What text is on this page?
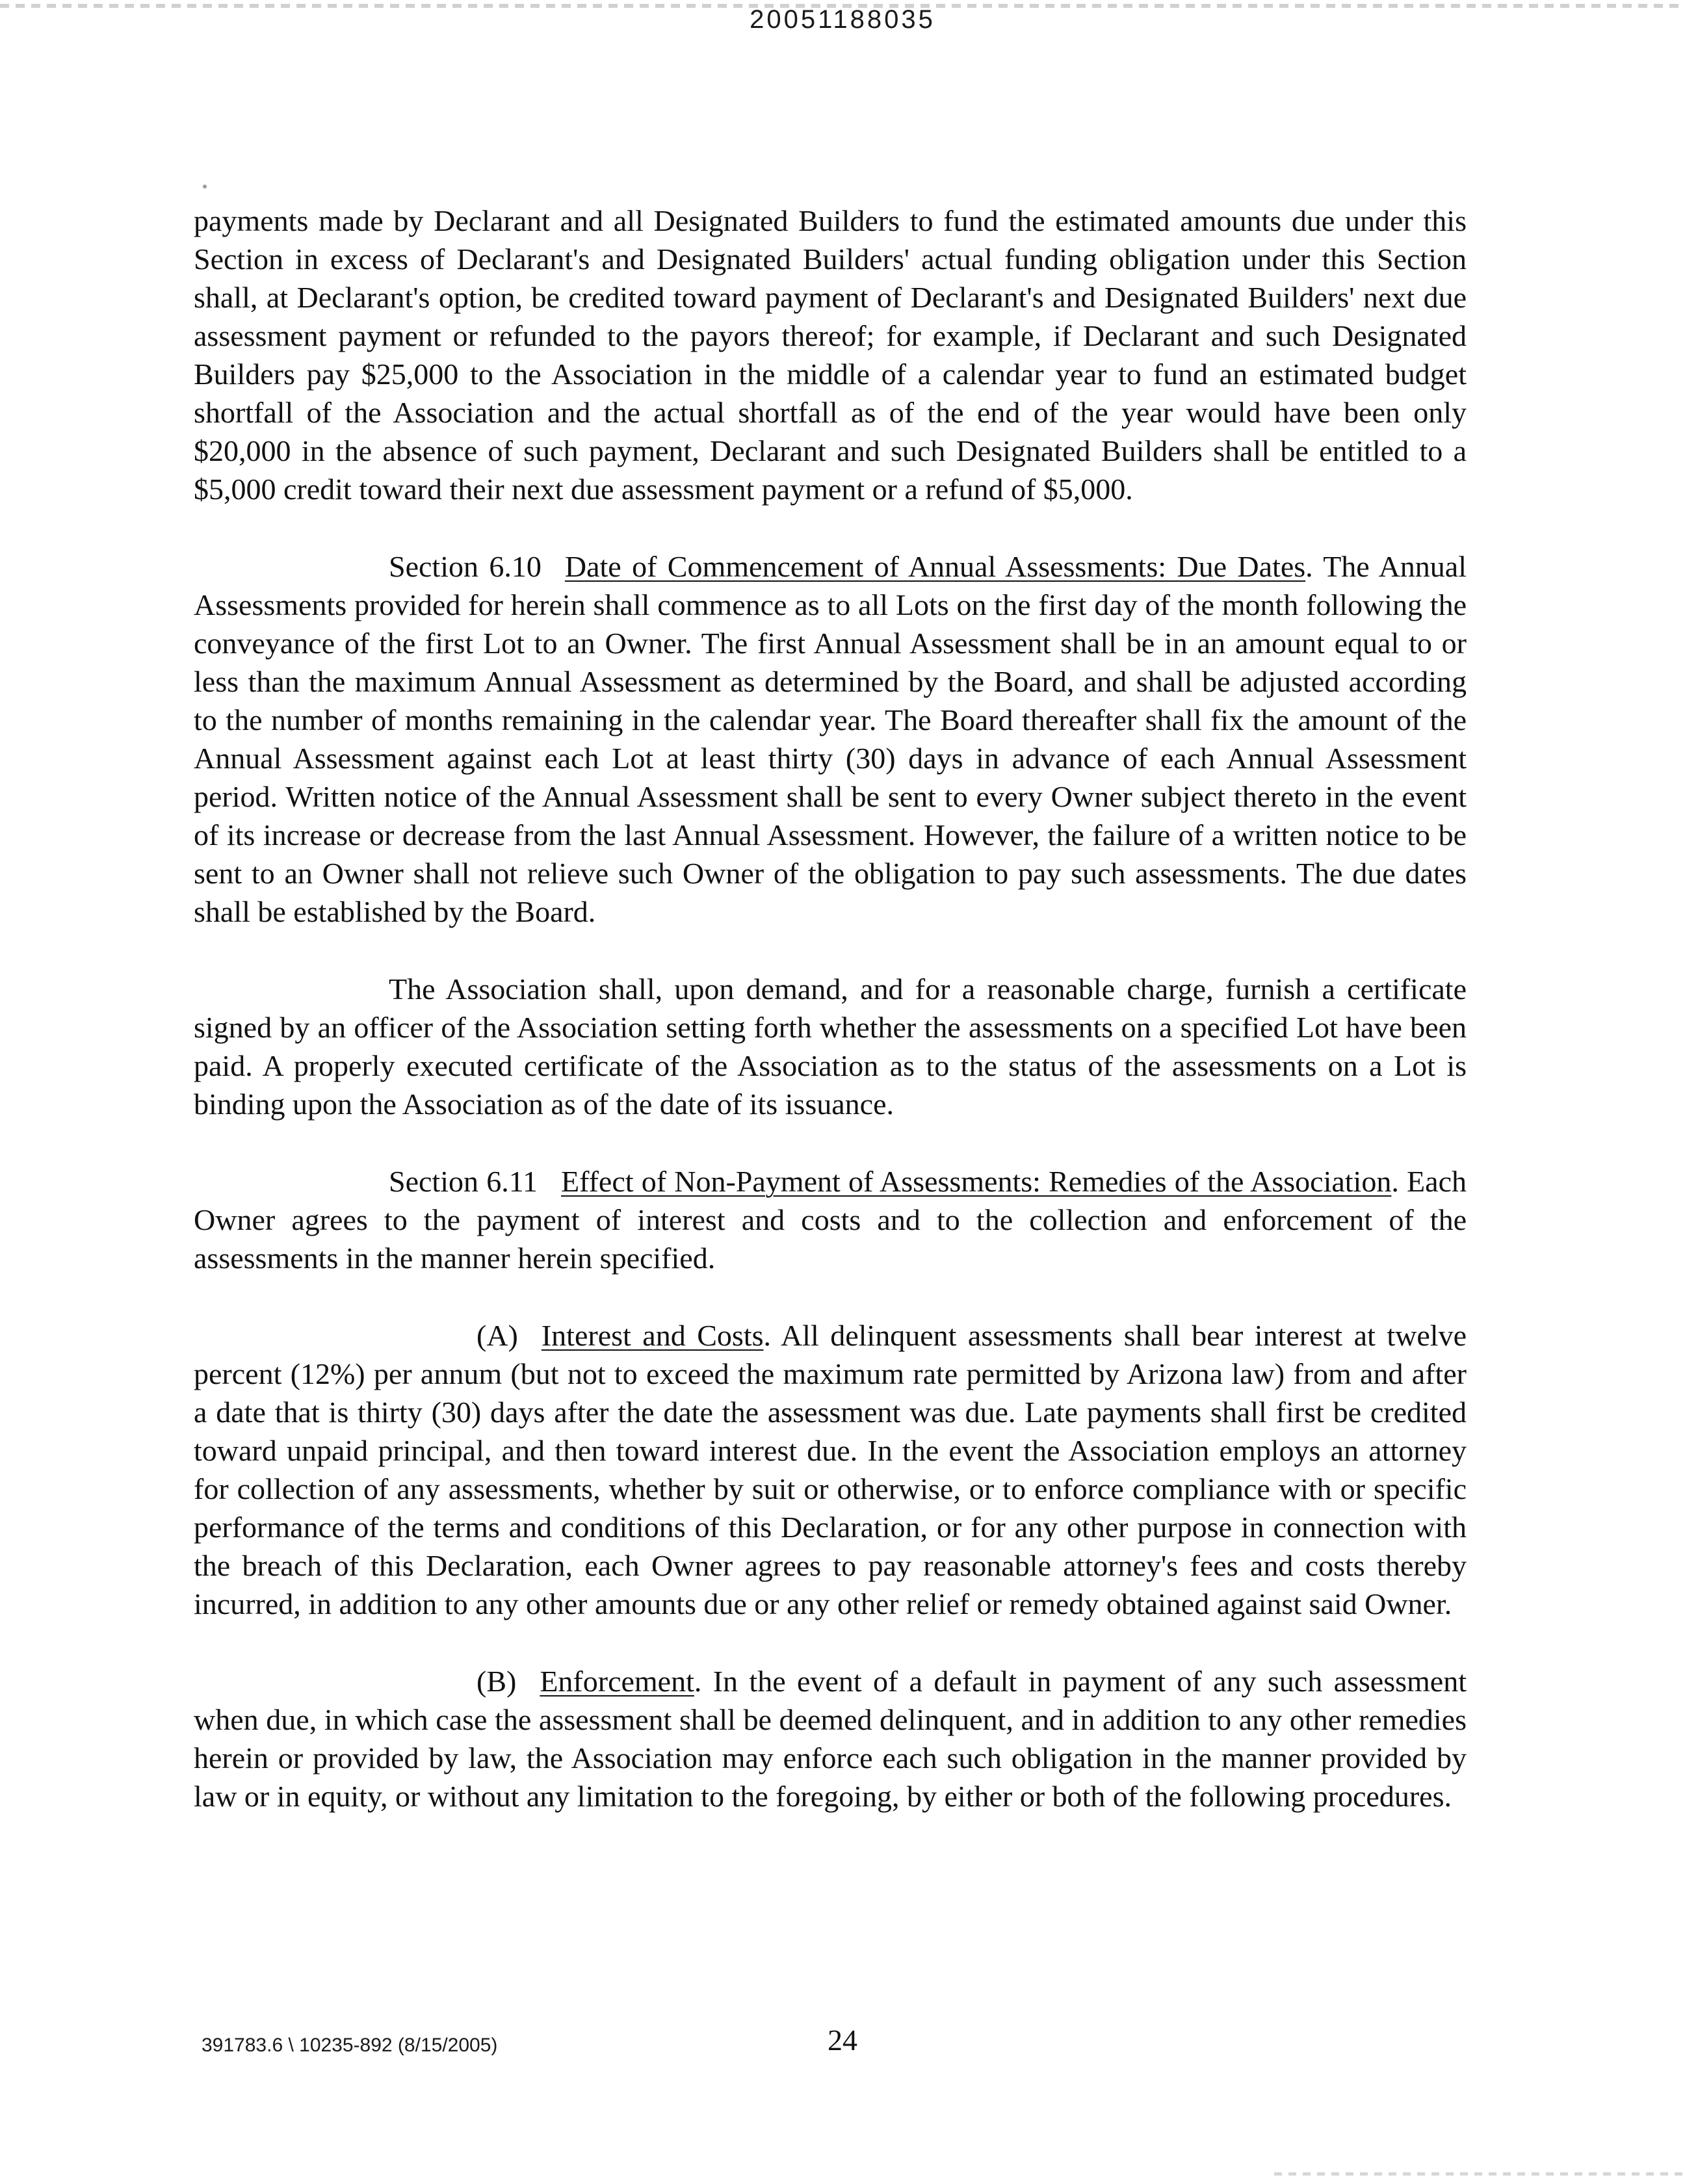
20051188035

payments made by Declarant and all Designated Builders to fund the estimated amounts due under this Section in excess of Declarant's and Designated Builders' actual funding obligation under this Section shall, at Declarant's option, be credited toward payment of Declarant's and Designated Builders' next due assessment payment or refunded to the payors thereof; for example, if Declarant and such Designated Builders pay $25,000 to the Association in the middle of a calendar year to fund an estimated budget shortfall of the Association and the actual shortfall as of the end of the year would have been only $20,000 in the absence of such payment, Declarant and such Designated Builders shall be entitled to a $5,000 credit toward their next due assessment payment or a refund of $5,000.

Section 6.10 Date of Commencement of Annual Assessments: Due Dates. The Annual Assessments provided for herein shall commence as to all Lots on the first day of the month following the conveyance of the first Lot to an Owner. The first Annual Assessment shall be in an amount equal to or less than the maximum Annual Assessment as determined by the Board, and shall be adjusted according to the number of months remaining in the calendar year. The Board thereafter shall fix the amount of the Annual Assessment against each Lot at least thirty (30) days in advance of each Annual Assessment period. Written notice of the Annual Assessment shall be sent to every Owner subject thereto in the event of its increase or decrease from the last Annual Assessment. However, the failure of a written notice to be sent to an Owner shall not relieve such Owner of the obligation to pay such assessments. The due dates shall be established by the Board.

The Association shall, upon demand, and for a reasonable charge, furnish a certificate signed by an officer of the Association setting forth whether the assessments on a specified Lot have been paid. A properly executed certificate of the Association as to the status of the assessments on a Lot is binding upon the Association as of the date of its issuance.

Section 6.11 Effect of Non-Payment of Assessments: Remedies of the Association. Each Owner agrees to the payment of interest and costs and to the collection and enforcement of the assessments in the manner herein specified.

(A) Interest and Costs. All delinquent assessments shall bear interest at twelve percent (12%) per annum (but not to exceed the maximum rate permitted by Arizona law) from and after a date that is thirty (30) days after the date the assessment was due. Late payments shall first be credited toward unpaid principal, and then toward interest due. In the event the Association employs an attorney for collection of any assessments, whether by suit or otherwise, or to enforce compliance with or specific performance of the terms and conditions of this Declaration, or for any other purpose in connection with the breach of this Declaration, each Owner agrees to pay reasonable attorney's fees and costs thereby incurred, in addition to any other amounts due or any other relief or remedy obtained against said Owner.

(B) Enforcement. In the event of a default in payment of any such assessment when due, in which case the assessment shall be deemed delinquent, and in addition to any other remedies herein or provided by law, the Association may enforce each such obligation in the manner provided by law or in equity, or without any limitation to the foregoing, by either or both of the following procedures.

391783.6 \ 10235-892 (8/15/2005)	24
